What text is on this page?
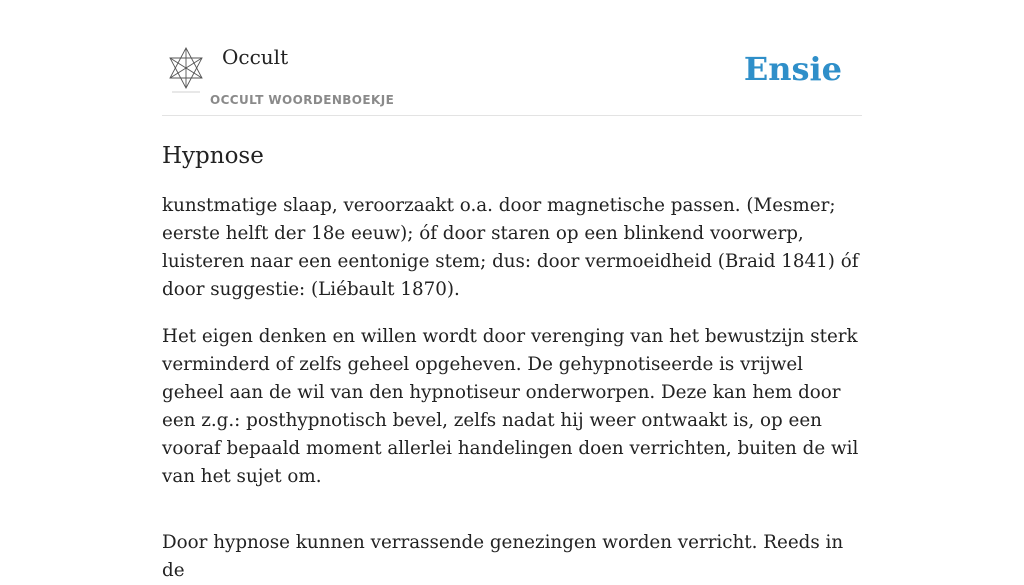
Occult
OCCULT WOORDENBOEKJE
Ensie
Hypnose

kunstmatige slaap, veroorzaakt o.a. door magnetische passen. (Mesmer; eerste helft der 18e eeuw); óf door staren op een blinkend voorwerp, luisteren naar een eentonige stem; dus: door vermoeidheid (Braid 1841) óf door suggestie: (Liébault 1870).

Het eigen denken en willen wordt door verenging van het bewustzijn sterk verminderd of zelfs geheel opgeheven. De gehypnotiseerde is vrijwel geheel aan de wil van den hypnotiseur onderworpen. Deze kan hem door een z.g.: posthypnotisch bevel, zelfs nadat hij weer ontwaakt is, op een vooraf bepaald moment allerlei handelingen doen verrichten, buiten de wil van het sujet om.

Door hypnose kunnen verrassende genezingen worden verricht. Reeds in de
